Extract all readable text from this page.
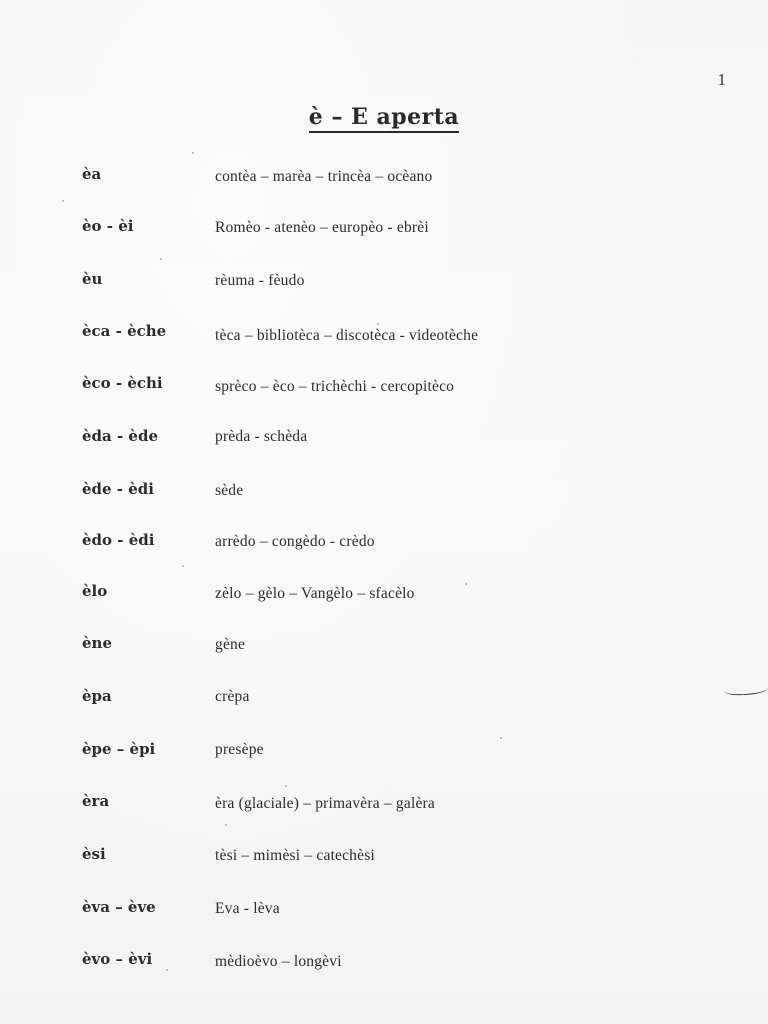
1
è – E aperta
èa	contèa – marèa – trincèa – ocèano
èo - èi	Romèo - atenèo – europèo - ebrèi
èu	rèuma - fèudo
èca - èche	tèca – bibliotèca – discotèca - videotèche
èco - èchi	sprèco – èco – trichèchi - cercopitèco
èda - ède	prèda - schèda
ède - èdi	sède
èdo - èdi	arrèdo – congèdo - crèdo
èlo	zèlo – gèlo – Vangèlo – sfacèlo
ène	gène
èpa	crèpa
èpe – èpi	presèpe
èra	èra (glaciale) – primavèra – galèra
èsi	tèsi – mimèsi – catechèsi
èva – ève	Eva - lèva
èvo – èvi	mèdioèvo – longèvi
